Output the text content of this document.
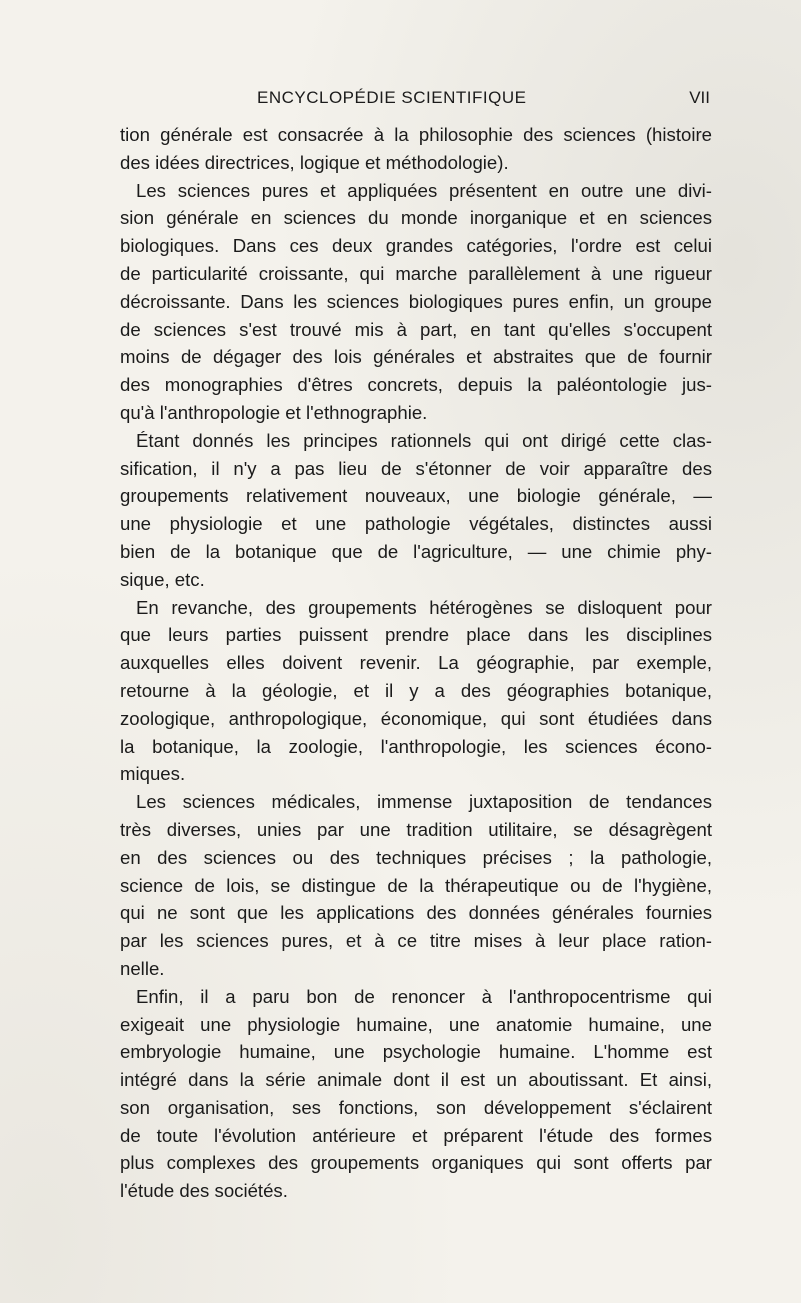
ENCYCLOPÉDIE SCIENTIFIQUE	VII
tion générale est consacrée à la philosophie des sciences (histoire
des idées directrices, logique et méthodologie).
Les sciences pures et appliquées présentent en outre une divi-
sion générale en sciences du monde inorganique et en sciences
biologiques. Dans ces deux grandes catégories, l'ordre est celui
de particularité croissante, qui marche parallèlement à une rigueur
décroissante. Dans les sciences biologiques pures enfin, un groupe
de sciences s'est trouvé mis à part, en tant qu'elles s'occupent
moins de dégager des lois générales et abstraites que de fournir
des monographies d'êtres concrets, depuis la paléontologie jus-
qu'à l'anthropologie et l'ethnographie.
Étant donnés les principes rationnels qui ont dirigé cette clas-
sification, il n'y a pas lieu de s'étonner de voir apparaître des
groupements relativement nouveaux, une biologie générale, —
une physiologie et une pathologie végétales, distinctes aussi
bien de la botanique que de l'agriculture, — une chimie phy-
sique, etc.
En revanche, des groupements hétérogènes se disloquent pour
que leurs parties puissent prendre place dans les disciplines
auxquelles elles doivent revenir. La géographie, par exemple,
retourne à la géologie, et il y a des géographies botanique,
zoologique, anthropologique, économique, qui sont étudiées dans
la botanique, la zoologie, l'anthropologie, les sciences écono-
miques.
Les sciences médicales, immense juxtaposition de tendances
très diverses, unies par une tradition utilitaire, se désagrègent
en des sciences ou des techniques précises ; la pathologie,
science de lois, se distingue de la thérapeutique ou de l'hygiène,
qui ne sont que les applications des données générales fournies
par les sciences pures, et à ce titre mises à leur place ration-
nelle.
Enfin, il a paru bon de renoncer à l'anthropocentrisme qui
exigeait une physiologie humaine, une anatomie humaine, une
embryologie humaine, une psychologie humaine. L'homme est
intégré dans la série animale dont il est un aboutissant. Et ainsi,
son organisation, ses fonctions, son développement s'éclairent
de toute l'évolution antérieure et préparent l'étude des formes
plus complexes des groupements organiques qui sont offerts par
l'étude des sociétés.
